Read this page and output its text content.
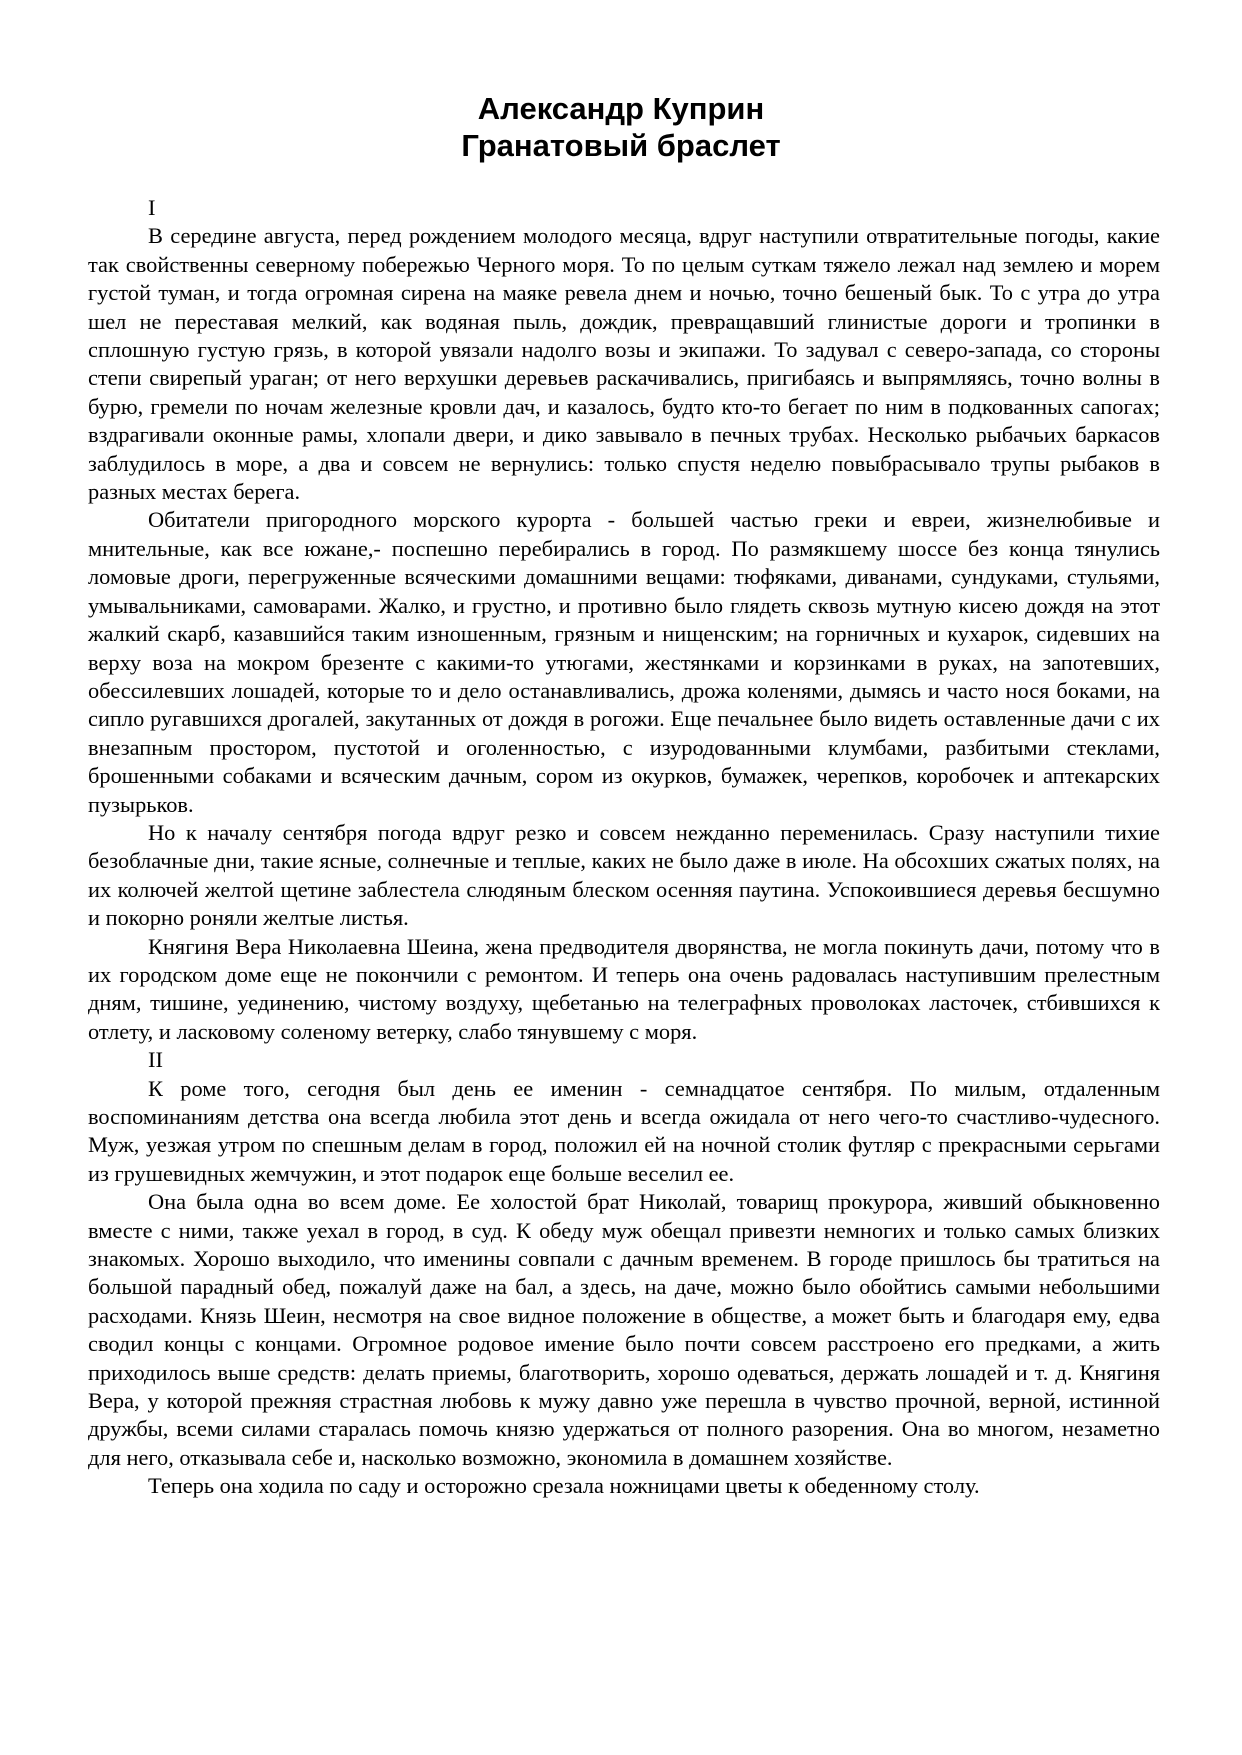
Александр Куприн
Гранатовый браслет

I

В середине августа, перед рождением молодого месяца, вдруг наступили отвратительные погоды, какие так свойственны северному побережью Черного моря. То по целым суткам тяжело лежал над землею и морем густой туман, и тогда огромная сирена на маяке ревела днем и ночью, точно бешеный бык. То с утра до утра шел не переставая мелкий, как водяная пыль, дождик, превращавший глинистые дороги и тропинки в сплошную густую грязь, в которой увязали надолго возы и экипажи. То задувал с северо-запада, со стороны степи свирепый ураган; от него верхушки деревьев раскачивались, пригибаясь и выпрямляясь, точно волны в бурю, гремели по ночам железные кровли дач, и казалось, будто кто-то бегает по ним в подкованных сапогах; вздрагивали оконные рамы, хлопали двери, и дико завывало в печных трубах. Несколько рыбачьих баркасов заблудилось в море, а два и совсем не вернулись: только спустя неделю повыбрасывало трупы рыбаков в разных местах берега.

Обитатели пригородного морского курорта - большей частью греки и евреи, жизнелюбивые и мнительные, как все южане,- поспешно перебирались в город. По размякшему шоссе без конца тянулись ломовые дроги, перегруженные всяческими домашними вещами: тюфяками, диванами, сундуками, стульями, умывальниками, самоварами. Жалко, и грустно, и противно было глядеть сквозь мутную кисею дождя на этот жалкий скарб, казавшийся таким изношенным, грязным и нищенским; на горничных и кухарок, сидевших на верху воза на мокром брезенте с какими-то утюгами, жестянками и корзинками в руках, на запотевших, обессилевших лошадей, которые то и дело останавливались, дрожа коленями, дымясь и часто нося боками, на сипло ругавшихся дрогалей, закутанных от дождя в рогожи. Еще печальнее было видеть оставленные дачи с их внезапным простором, пустотой и оголенностью, с изуродованными клумбами, разбитыми стеклами, брошенными собаками и всяческим дачным, сором из окурков, бумажек, черепков, коробочек и аптекарских пузырьков.

Но к началу сентября погода вдруг резко и совсем нежданно переменилась. Сразу наступили тихие безоблачные дни, такие ясные, солнечные и теплые, каких не было даже в июле. На обсохших сжатых полях, на их колючей желтой щетине заблестела слюдяным блеском осенняя паутина. Успокоившиеся деревья бесшумно и покорно роняли желтые листья.

Княгиня Вера Николаевна Шеина, жена предводителя дворянства, не могла покинуть дачи, потому что в их городском доме еще не покончили с ремонтом. И теперь она очень радовалась наступившим прелестным дням, тишине, уединению, чистому воздуху, щебетанью на телеграфных проволоках ласточек, стбившихся к отлету, и ласковому соленому ветерку, слабо тянувшему с моря.

II

К роме того, сегодня был день ее именин - семнадцатое сентября. По милым, отдаленным воспоминаниям детства она всегда любила этот день и всегда ожидала от него чего-то счастливо-чудесного. Муж, уезжая утром по спешным делам в город, положил ей на ночной столик футляр с прекрасными серьгами из грушевидных жемчужин, и этот подарок еще больше веселил ее.

Она была одна во всем доме. Ее холостой брат Николай, товарищ прокурора, живший обыкновенно вместе с ними, также уехал в город, в суд. К обеду муж обещал привезти немногих и только самых близких знакомых. Хорошо выходило, что именины совпали с дачным временем. В городе пришлось бы тратиться на большой парадный обед, пожалуй даже на бал, а здесь, на даче, можно было обойтись самыми небольшими расходами. Князь Шеин, несмотря на свое видное положение в обществе, а может быть и благодаря ему, едва сводил концы с концами. Огромное родовое имение было почти совсем расстроено его предками, а жить приходилось выше средств: делать приемы, благотворить, хорошо одеваться, держать лошадей и т. д. Княгиня Вера, у которой прежняя страстная любовь к мужу давно уже перешла в чувство прочной, верной, истинной дружбы, всеми силами старалась помочь князю удержаться от полного разорения. Она во многом, незаметно для него, отказывала себе и, насколько возможно, экономила в домашнем хозяйстве.

Теперь она ходила по саду и осторожно срезала ножницами цветы к обеденному столу.
